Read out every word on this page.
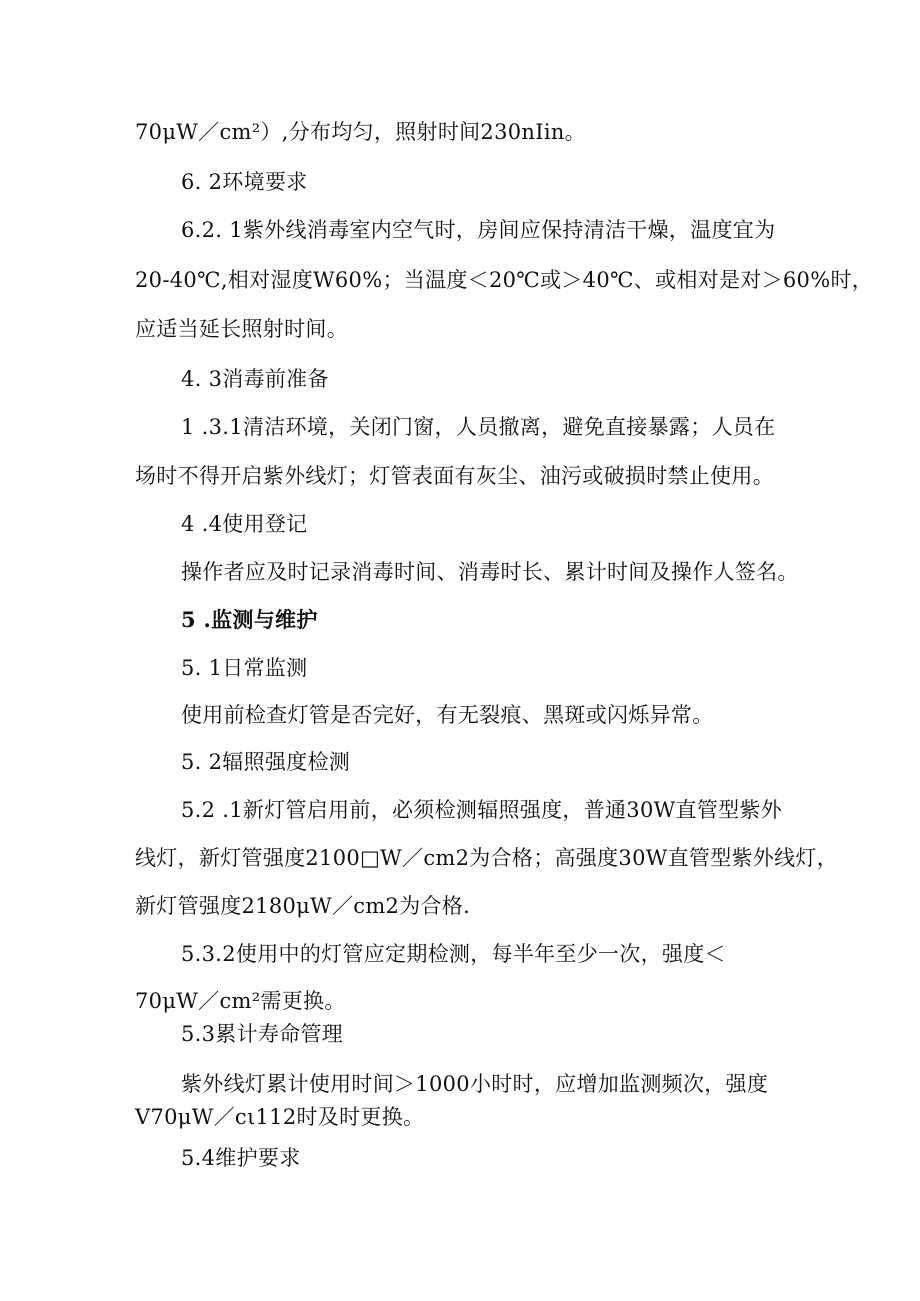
70μW／cm²）,分布均匀，照射时间230nIin。
6. 2环境要求
6.2. 1紫外线消毒室内空气时，房间应保持清洁干燥，温度宜为
20-40℃,相对湿度W60%；当温度＜20℃或＞40℃、或相对是对＞60%时，
应适当延长照射时间。
4. 3消毒前准备
1 .3.1清洁环境，关闭门窗，人员撤离，避免直接暴露；人员在
场时不得开启紫外线灯；灯管表面有灰尘、油污或破损时禁止使用。
4 .4使用登记
操作者应及时记录消毒时间、消毒时长、累计时间及操作人签名。
5 .监测与维护
5. 1日常监测
使用前检查灯管是否完好，有无裂痕、黑斑或闪烁异常。
5. 2辐照强度检测
5.2 .1新灯管启用前，必须检测辐照强度，普通30W直管型紫外
线灯，新灯管强度2100□W／cm2为合格；高强度30W直管型紫外线灯，
新灯管强度2180μW／cm2为合格.
5.3.2使用中的灯管应定期检测，每半年至少一次，强度＜
70μW／cm²需更换。
5.3累计寿命管理
紫外线灯累计使用时间＞1000小时时，应增加监测频次，强度
V70μW／cι112时及时更换。
5.4维护要求
